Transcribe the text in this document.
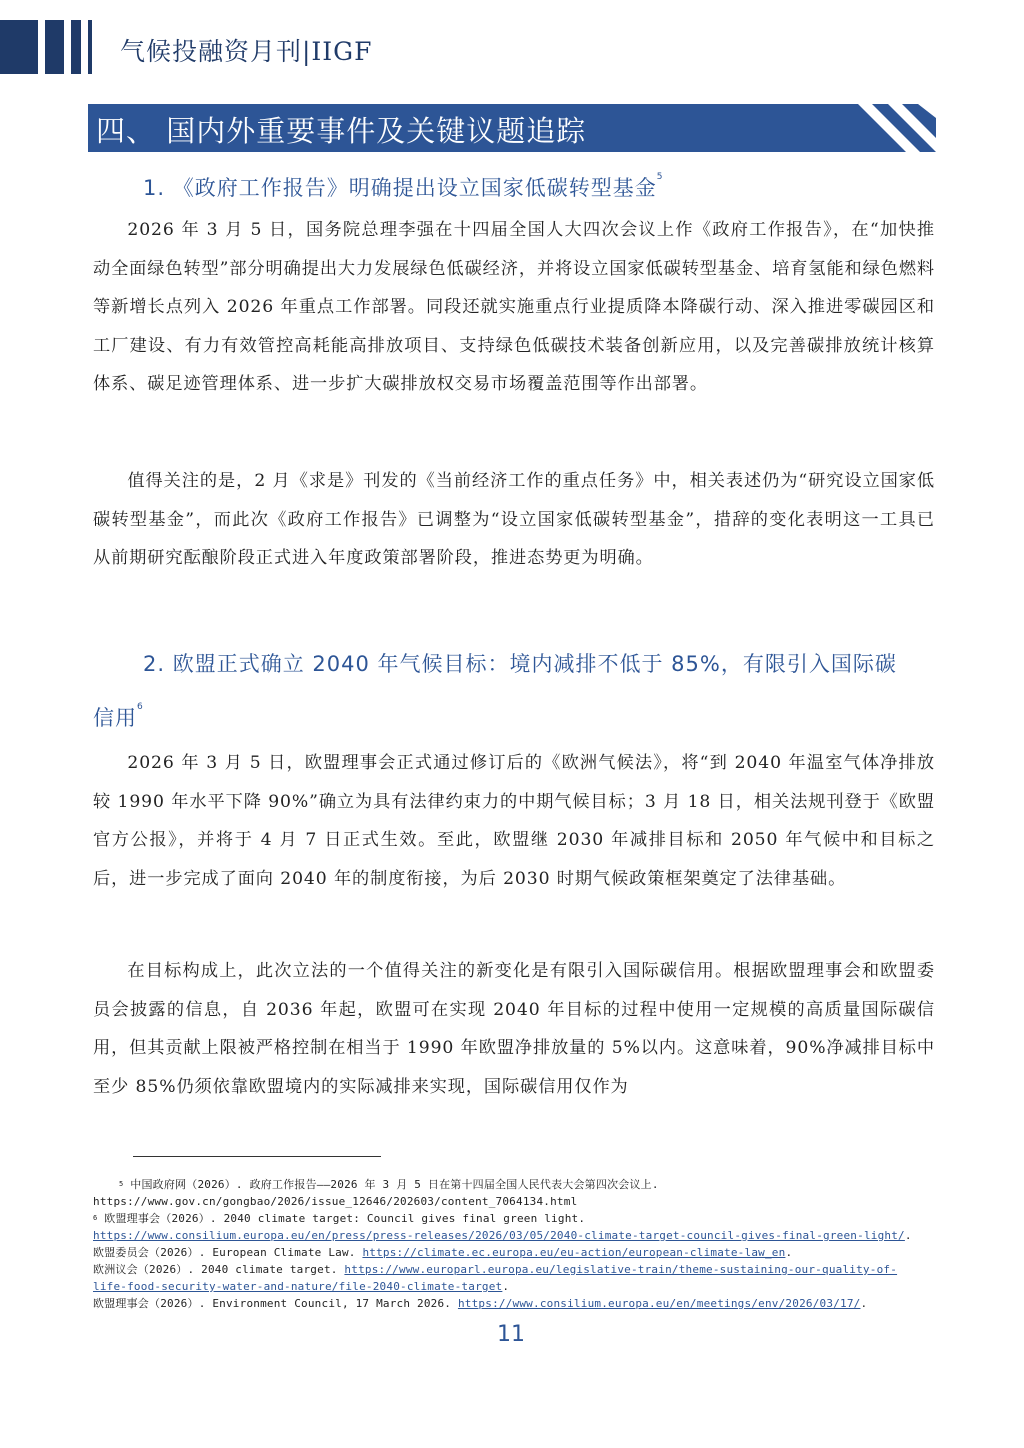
气候投融资月刊|IIGF
四、 国内外重要事件及关键议题追踪
1. 《政府工作报告》明确提出设立国家低碳转型基金$^5$
2026 年 3 月 5 日，国务院总理李强在十四届全国人大四次会议上作《政府工作报告》，在“加快推动全面绿色转型”部分明确提出大力发展绿色低碳经济，并将设立国家低碳转型基金、培育氢能和绿色燃料等新增长点列入 2026 年重点工作部署。同段还就实施重点行业提质降本降碳行动、深入推进零碳园区和工厂建设、有力有效管控高耗能高排放项目、支持绿色低碳技术装备创新应用，以及完善碳排放统计核算体系、碳足迹管理体系、进一步扩大碳排放权交易市场覆盖范围等作出部署。
值得关注的是，2 月《求是》刊发的《当前经济工作的重点任务》中，相关表述仍为“研究设立国家低碳转型基金”，而此次《政府工作报告》已调整为“设立国家低碳转型基金”，措辞的变化表明这一工具已从前期研究酝酿阶段正式进入年度政策部署阶段，推进态势更为明确。
2. 欧盟正式确立 2040 年气候目标：境内减排不低于 85%，有限引入国际碳
信用$^6$
2026 年 3 月 5 日，欧盟理事会正式通过修订后的《欧洲气候法》，将“到 2040 年温室气体净排放较 1990 年水平下降 90%”确立为具有法律约束力的中期气候目标；3 月 18 日，相关法规刊登于《欧盟官方公报》，并将于 4 月 7 日正式生效。至此，欧盟继 2030 年减排目标和 2050 年气候中和目标之后，进一步完成了面向 2040 年的制度衔接，为后 2030 时期气候政策框架奠定了法律基础。
在目标构成上，此次立法的一个值得关注的新变化是有限引入国际碳信用。根据欧盟理事会和欧盟委员会披露的信息，自 2036 年起，欧盟可在实现 2040 年目标的过程中使用一定规模的高质量国际碳信用，但其贡献上限被严格控制在相当于 1990 年欧盟净排放量的 5%以内。这意味着，90%净减排目标中至少 85%仍须依靠欧盟境内的实际减排来实现，国际碳信用仅作为
$^5$ 中国政府网（2026）. 政府工作报告——2026 年 3 月 5 日在第十四届全国人民代表大会第四次会议上.
https://www.gov.cn/gongbao/2026/issue_12646/202603/content_7064134.html
$^6$ 欧盟理事会（2026）. 2040 climate target: Council gives final green light.
https://www.consilium.europa.eu/en/press/press-releases/2026/03/05/2040-climate-target-council-gives-final-green-light/.
欧盟委员会（2026）. European Climate Law. https://climate.ec.europa.eu/eu-action/european-climate-law_en.
欧洲议会（2026）. 2040 climate target. https://www.europarl.europa.eu/legislative-train/theme-sustaining-our-quality-of-
life-food-security-water-and-nature/file-2040-climate-target.
欧盟理事会（2026）. Environment Council, 17 March 2026. https://www.consilium.europa.eu/en/meetings/env/2026/03/17/.
11
